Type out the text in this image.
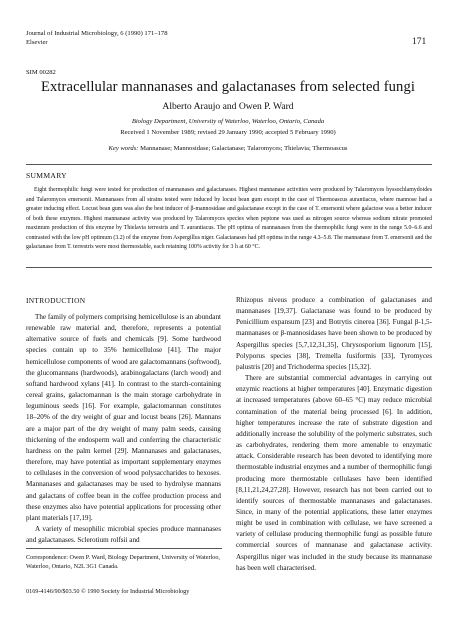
Journal of Industrial Microbiology, 6 (1990) 171–178
Elsevier	171
SIM 00282
Extracellular mannanases and galactanases from selected fungi
Alberto Araujo and Owen P. Ward
Biology Department, University of Waterloo, Waterloo, Ontario, Canada
Received 1 November 1989; revised 29 January 1990; accepted 5 February 1990)
Key words: Mannanase; Mannosidase; Galactanase; Talaromyces; Thielavia; Thermoascus
SUMMARY

Eight thermophilic fungi were tested for production of mannanases and galactanases. Highest mannanase activities were produced by Talaromyces byssochlamydoides and Talaromyces emersonii. Mannanases from all strains tested were induced by locust bean gum except in the case of Thermoascus aurantiacus, where mannose had a greater inducing effect. Locust bean gum was also the best inducer of β-mannosidase and galactanase except in the case of T. emersonii where galactose was a better inducer of both these enzymes. Highest mannanase activity was produced by Talaromyces species when peptone was used as nitrogen source whereas sodium nitrate promoted maximum production of this enzyme by Thielavia terrestris and T. aurantiacus. The pH optima of mannanases from the thermophilic fungi were in the range 5.0–6.6 and contrasted with the low pH optimum (3.2) of the enzyme from Aspergillus niger. Galactanases had pH optima in the range 4.3–5.8. The mannanase from T. emersonii and the galactanase from T. terrestris were most thermostable, each retaining 100% activity for 3 h at 60 °C.

INTRODUCTION

The family of polymers comprising hemicellulose is an abundant renewable raw material and, therefore, represents a potential alternative source of fuels and chemicals [9]. Some hardwood species contain up to 35% hemicellulose [41]. The major hemicellulose components of wood are galactomannans (softwood), the glucomannans (hardwoods), arabinogalactans (larch wood) and softand hardwood xylans [41]. In contrast to the starch-containing cereal grains, galactomannan is the main storage carbohydrate in leguminous seeds [16]. For example, galactomannan constitutes 18–20% of the dry weight of guar and locust beans [26]. Mannans are a major part of the dry weight of many palm seeds, causing thickening of the endosperm wall and conferring the characteristic hardness on the palm kernel [29]. Mannanases and galactanases, therefore, may have potential as important supplementary enzymes to cellulases in the conversion of wood polysaccharides to hexoses. Mannanases and galactanases may be used to hydrolyse mannans and galactans of coffee bean in the coffee production process and these enzymes also have potential applications for processing other plant materials [17,19].

A variety of mesophilic microbial species produce mannanases and galactanases. Sclerotium rolfsii and

Rhizopus niveus produce a combination of galactanases and mannanases [19,37]. Galactanase was found to be produced by Penicillium expansum [23] and Botrytis cinerea [36]. Fungal β-1,5-mannanases or β-mannosidases have been shown to be produced by Aspergillus species [5,7,12,31,35], Chrysosporium lignorum [15], Polyporus species [38], Tremella fusiformis [33], Tyromyces palustris [20] and Trichoderma species [15,32].

There are substantial commercial advantages in carrying out enzymic reactions at higher temperatures [40]. Enzymatic digestion at increased temperatures (above 60–65 °C) may reduce microbial contamination of the material being processed [6]. In addition, higher temperatures increase the rate of substrate digestion and additionally increase the solubility of the polymeric substrates, such as carbohydrates, rendering them more amenable to enzymatic attack. Considerable research has been devoted to identifying more thermostable industrial enzymes and a number of thermophilic fungi producing more thermostable cellulases have been identified [8,11,21,24,27,28]. However, research has not been carried out to identify sources of thermostable mannanases and galactanases. Since, in many of the potential applications, these latter enzymes might be used in combination with cellulase, we have screened a variety of cellulase producing thermophilic fungi as possible future commercial sources of mannanase and galactanase activity. Aspergillus niger was included in the study because its mannanase has been well characterised.

Correspondence: Owen P. Ward, Biology Department, University of Waterloo, Waterloo, Ontario, N2L 3G1 Canada.
0169-4146/90/$03.50 © 1990 Society for Industrial Microbiology
